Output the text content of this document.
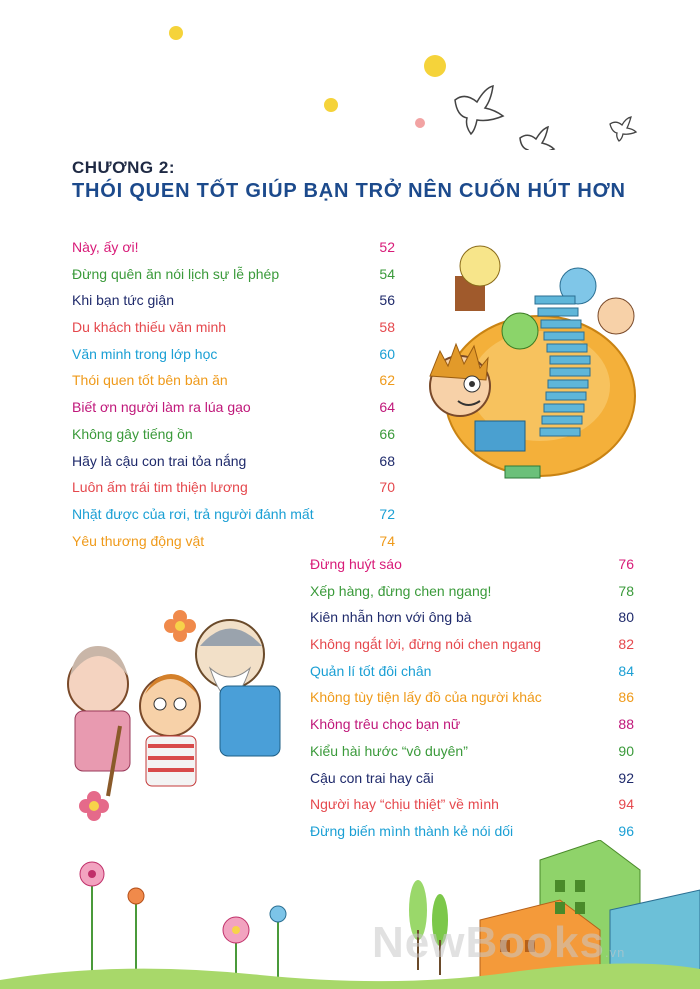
CHƯƠNG 2:
THÓI QUEN TỐT GIÚP BẠN TRỞ NÊN CUỐN HÚT HƠN
Này, ấy ơi!	52
Đừng quên ăn nói lịch sự lễ phép	54
Khi bạn tức giận	56
Du khách thiếu văn minh	58
Văn minh trong lớp học	60
Thói quen tốt bên bàn ăn	62
Biết ơn người làm ra lúa gạo	64
Không gây tiếng ồn	66
Hãy là cậu con trai tỏa nắng	68
Luôn ấm trái tim thiện lương	70
Nhặt được của rơi, trả người đánh mất	72
Yêu thương động vật	74
Đừng huýt sáo	76
Xếp hàng, đừng chen ngang!	78
Kiên nhẫn hơn với ông bà	80
Không ngắt lời, đừng nói chen ngang	82
Quản lí tốt đôi chân	84
Không tùy tiện lấy đồ của người khác	86
Không trêu chọc bạn nữ	88
Kiểu hài hước “vô duyên”	90
Cậu con trai hay cãi	92
Người hay “chịu thiệt” về mình	94
Đừng biến mình thành kẻ nói dối	96
NewBooks.vn
